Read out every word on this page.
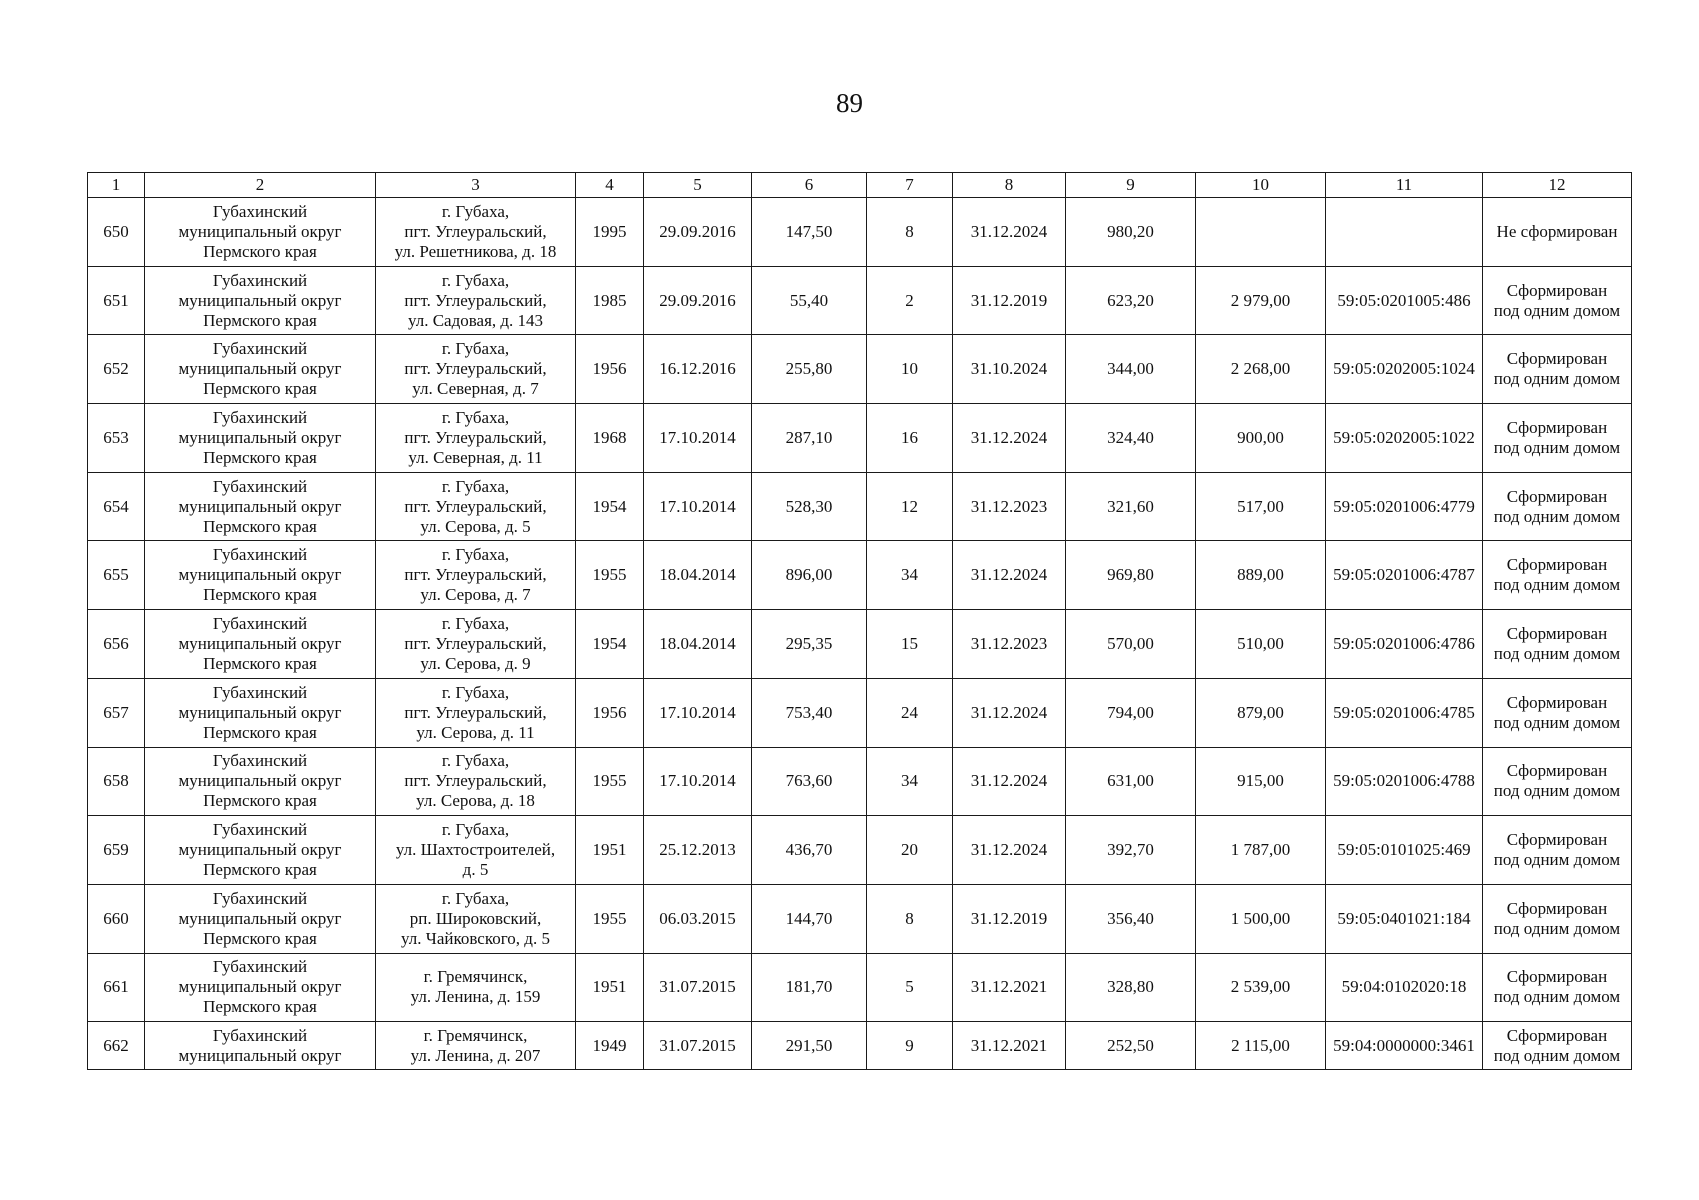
89
1	2	3	4	5	6	7	8	9	10	11	12
650	Губахинский
муниципальный округ
Пермского края	г. Губаха,
пгт. Углеуральский,
ул. Решетникова, д. 18	1995	29.09.2016	147,50	8	31.12.2024	980,20			Не сформирован
651	Губахинский
муниципальный округ
Пермского края	г. Губаха,
пгт. Углеуральский,
ул. Садовая, д. 143	1985	29.09.2016	55,40	2	31.12.2019	623,20	2 979,00	59:05:0201005:486	Сформирован
под одним домом
652	Губахинский
муниципальный округ
Пермского края	г. Губаха,
пгт. Углеуральский,
ул. Северная, д. 7	1956	16.12.2016	255,80	10	31.10.2024	344,00	2 268,00	59:05:0202005:1024	Сформирован
под одним домом
653	Губахинский
муниципальный округ
Пермского края	г. Губаха,
пгт. Углеуральский,
ул. Северная, д. 11	1968	17.10.2014	287,10	16	31.12.2024	324,40	900,00	59:05:0202005:1022	Сформирован
под одним домом
654	Губахинский
муниципальный округ
Пермского края	г. Губаха,
пгт. Углеуральский,
ул. Серова, д. 5	1954	17.10.2014	528,30	12	31.12.2023	321,60	517,00	59:05:0201006:4779	Сформирован
под одним домом
655	Губахинский
муниципальный округ
Пермского края	г. Губаха,
пгт. Углеуральский,
ул. Серова, д. 7	1955	18.04.2014	896,00	34	31.12.2024	969,80	889,00	59:05:0201006:4787	Сформирован
под одним домом
656	Губахинский
муниципальный округ
Пермского края	г. Губаха,
пгт. Углеуральский,
ул. Серова, д. 9	1954	18.04.2014	295,35	15	31.12.2023	570,00	510,00	59:05:0201006:4786	Сформирован
под одним домом
657	Губахинский
муниципальный округ
Пермского края	г. Губаха,
пгт. Углеуральский,
ул. Серова, д. 11	1956	17.10.2014	753,40	24	31.12.2024	794,00	879,00	59:05:0201006:4785	Сформирован
под одним домом
658	Губахинский
муниципальный округ
Пермского края	г. Губаха,
пгт. Углеуральский,
ул. Серова, д. 18	1955	17.10.2014	763,60	34	31.12.2024	631,00	915,00	59:05:0201006:4788	Сформирован
под одним домом
659	Губахинский
муниципальный округ
Пермского края	г. Губаха,
ул. Шахтостроителей,
д. 5	1951	25.12.2013	436,70	20	31.12.2024	392,70	1 787,00	59:05:0101025:469	Сформирован
под одним домом
660	Губахинский
муниципальный округ
Пермского края	г. Губаха,
рп. Широковский,
ул. Чайковского, д. 5	1955	06.03.2015	144,70	8	31.12.2019	356,40	1 500,00	59:05:0401021:184	Сформирован
под одним домом
661	Губахинский
муниципальный округ
Пермского края	г. Гремячинск,
ул. Ленина, д. 159	1951	31.07.2015	181,70	5	31.12.2021	328,80	2 539,00	59:04:0102020:18	Сформирован
под одним домом
662	Губахинский
муниципальный округ	г. Гремячинск,
ул. Ленина, д. 207	1949	31.07.2015	291,50	9	31.12.2021	252,50	2 115,00	59:04:0000000:3461	Сформирован
под одним домом
